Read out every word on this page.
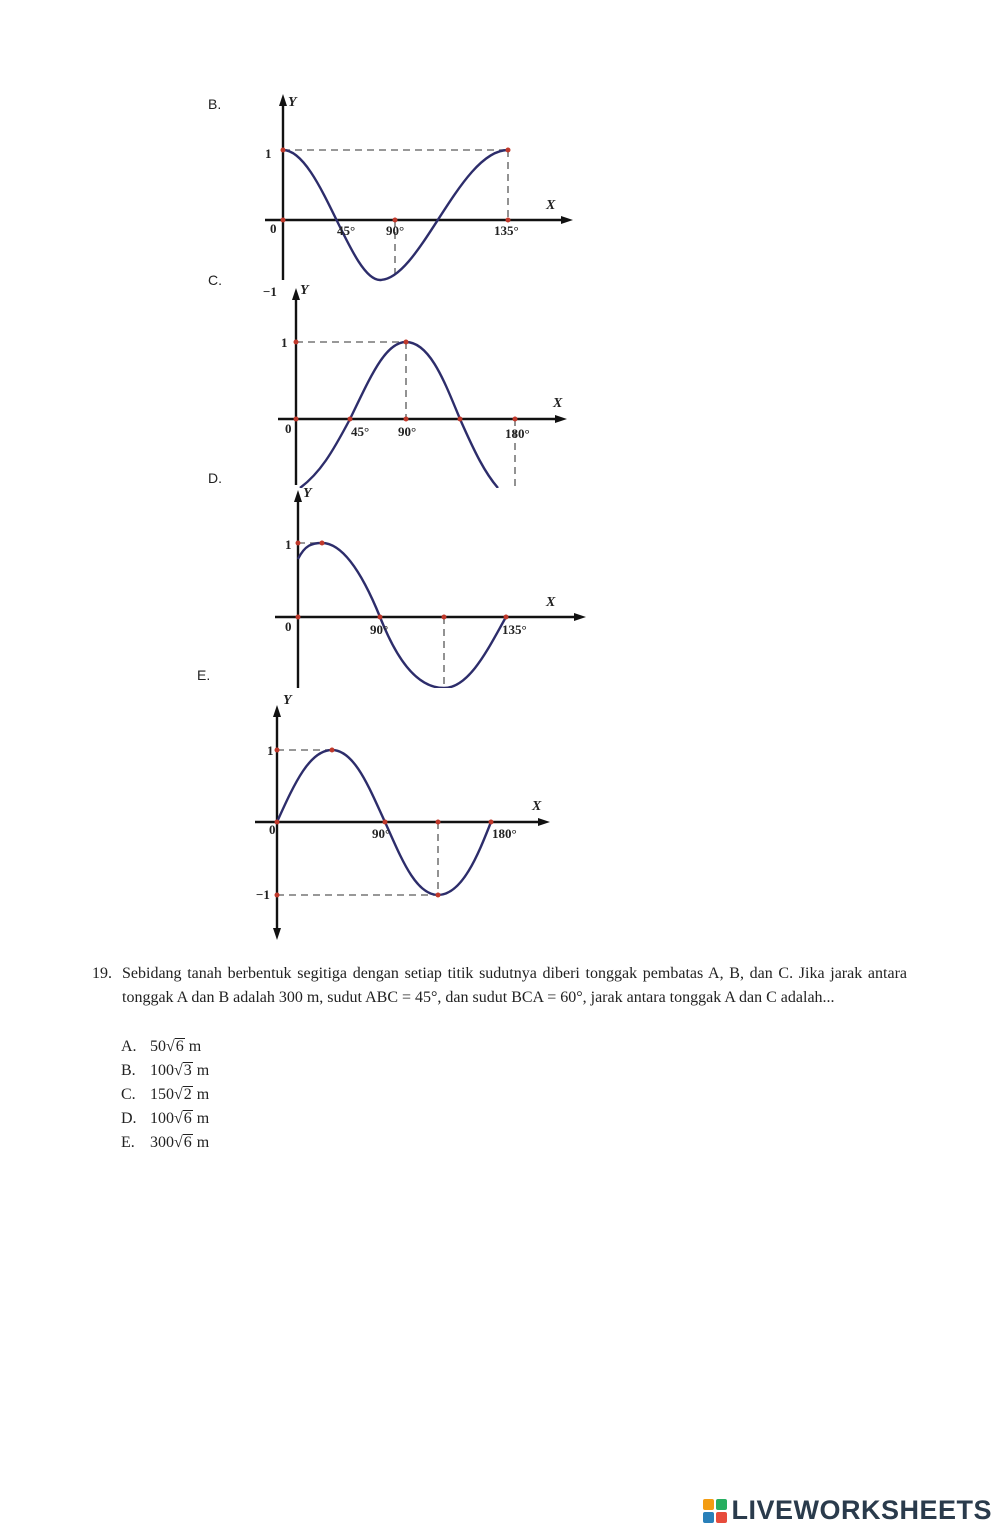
B.
C.
D.
E.
Y
X
1
0	45° 90°	135°
−1 Y
X
1
0	45° 90°	180°
Y
X
1
0	90°	135°
Y
X
1
0	90°	180°
−1
19. Sebidang tanah berbentuk segitiga dengan setiap titik sudutnya diberi tonggak pembatas A, B, dan C. Jika jarak antara tonggak A dan B adalah 300 m, sudut ABC = 45°, dan sudut BCA = 60°, jarak antara tonggak A dan C adalah...
A. 50√6 m
B. 100√3 m
C. 150√2 m
D. 100√6 m
E. 300√6 m
LIVEWORKSHEETS
